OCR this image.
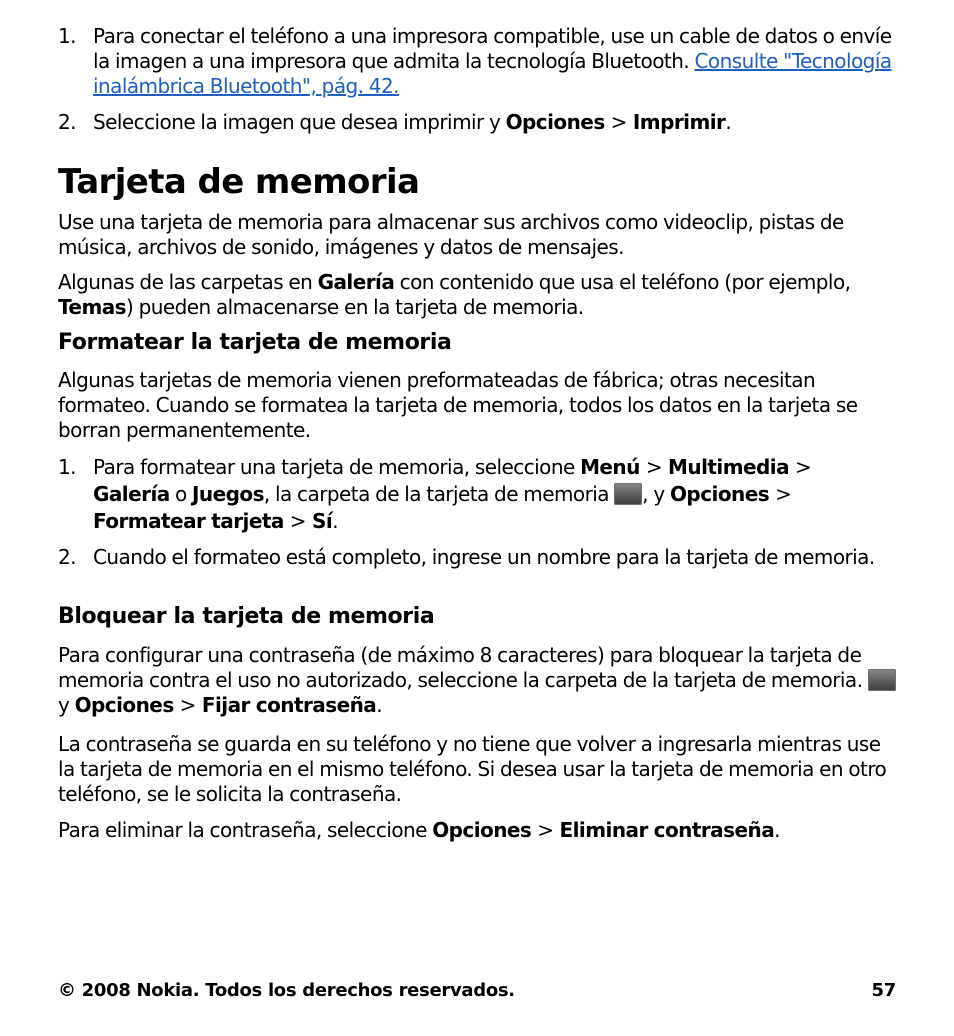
1. Para conectar el teléfono a una impresora compatible, use un cable de datos o envíe la imagen a una impresora que admita la tecnología Bluetooth. Consulte "Tecnología inalámbrica Bluetooth", pág. 42.

2. Seleccione la imagen que desea imprimir y Opciones > Imprimir.

Tarjeta de memoria

Use una tarjeta de memoria para almacenar sus archivos como videoclip, pistas de música, archivos de sonido, imágenes y datos de mensajes.

Algunas de las carpetas en Galería con contenido que usa el teléfono (por ejemplo, Temas) pueden almacenarse en la tarjeta de memoria.

Formatear la tarjeta de memoria

Algunas tarjetas de memoria vienen preformateadas de fábrica; otras necesitan formateo. Cuando se formatea la tarjeta de memoria, todos los datos en la tarjeta se borran permanentemente.

1. Para formatear una tarjeta de memoria, seleccione Menú > Multimedia >
Galería o Juegos, la carpeta de la tarjeta de memoria , y Opciones >
Formatear tarjeta > Sí.

2. Cuando el formateo está completo, ingrese un nombre para la tarjeta de memoria.

Bloquear la tarjeta de memoria

Para configurar una contraseña (de máximo 8 caracteres) para bloquear la tarjeta de memoria contra el uso no autorizado, seleccione la carpeta de la tarjeta de memoria.  y Opciones > Fijar contraseña.

La contraseña se guarda en su teléfono y no tiene que volver a ingresarla mientras use la tarjeta de memoria en el mismo teléfono. Si desea usar la tarjeta de memoria en otro teléfono, se le solicita la contraseña.

Para eliminar la contraseña, seleccione Opciones > Eliminar contraseña.

© 2008 Nokia. Todos los derechos reservados.	57
